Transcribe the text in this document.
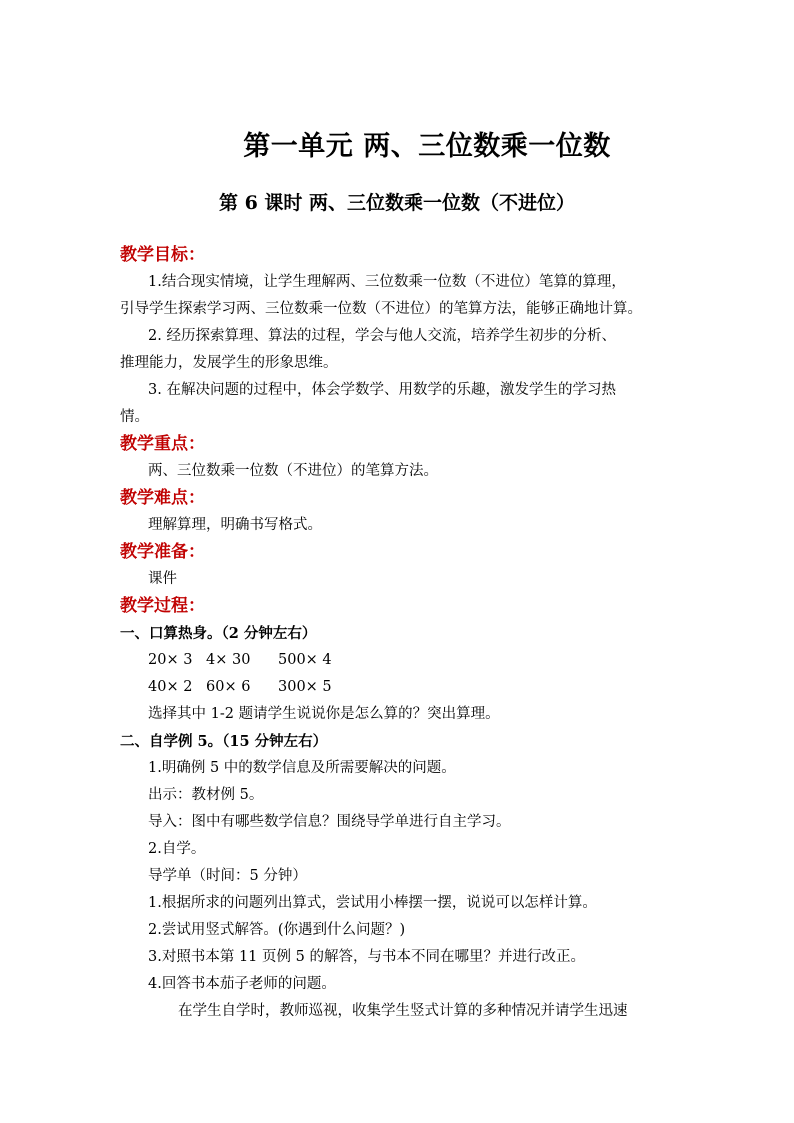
第一单元 两、三位数乘一位数
第 6 课时 两、三位数乘一位数（不进位）
教学目标：
1.结合现实情境，让学生理解两、三位数乘一位数（不进位）笔算的算理，
引导学生探索学习两、三位数乘一位数（不进位）的笔算方法，能够正确地计算。
2. 经历探索算理、算法的过程，学会与他人交流，培养学生初步的分析、
推理能力，发展学生的形象思维。
3. 在解决问题的过程中，体会学数学、用数学的乐趣，激发学生的学习热
情。
教学重点：
两、三位数乘一位数（不进位）的笔算方法。
教学难点：
理解算理，明确书写格式。
教学准备：
课件
教学过程：
一、口算热身。（2 分钟左右）
20× 3 4× 30 500× 4
40× 2 60× 6 300× 5
选择其中 1-2 题请学生说说你是怎么算的？突出算理。
二、自学例 5。（15 分钟左右）
1.明确例 5 中的数学信息及所需要解决的问题。
出示：教材例 5。
导入：图中有哪些数学信息？围绕导学单进行自主学习。
2.自学。
导学单（时间：5 分钟）
1.根据所求的问题列出算式，尝试用小棒摆一摆，说说可以怎样计算。
2.尝试用竖式解答。(你遇到什么问题？)
3.对照书本第 11 页例 5 的解答，与书本不同在哪里？并进行改正。
4.回答书本茄子老师的问题。
在学生自学时，教师巡视，收集学生竖式计算的多种情况并请学生迅速
